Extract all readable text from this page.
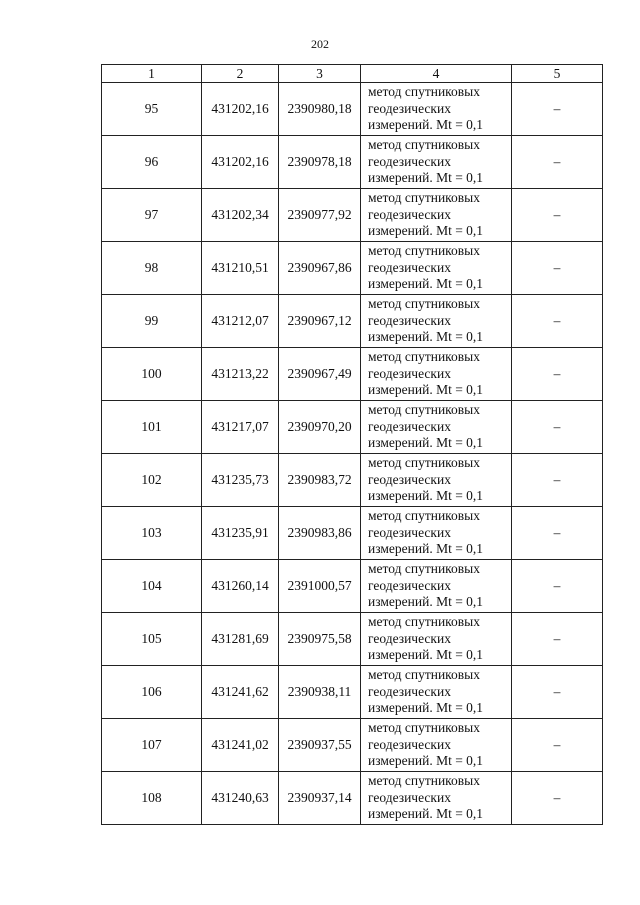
202
1	2	3	4	5
95	431202,16	2390980,18	метод спутниковых
геодезических
измерений. Mt = 0,1	–
96	431202,16	2390978,18	метод спутниковых
геодезических
измерений. Mt = 0,1	–
97	431202,34	2390977,92	метод спутниковых
геодезических
измерений. Mt = 0,1	–
98	431210,51	2390967,86	метод спутниковых
геодезических
измерений. Mt = 0,1	–
99	431212,07	2390967,12	метод спутниковых
геодезических
измерений. Mt = 0,1	–
100	431213,22	2390967,49	метод спутниковых
геодезических
измерений. Mt = 0,1	–
101	431217,07	2390970,20	метод спутниковых
геодезических
измерений. Mt = 0,1	–
102	431235,73	2390983,72	метод спутниковых
геодезических
измерений. Mt = 0,1	–
103	431235,91	2390983,86	метод спутниковых
геодезических
измерений. Mt = 0,1	–
104	431260,14	2391000,57	метод спутниковых
геодезических
измерений. Mt = 0,1	–
105	431281,69	2390975,58	метод спутниковых
геодезических
измерений. Mt = 0,1	–
106	431241,62	2390938,11	метод спутниковых
геодезических
измерений. Mt = 0,1	–
107	431241,02	2390937,55	метод спутниковых
геодезических
измерений. Mt = 0,1	–
108	431240,63	2390937,14	метод спутниковых
геодезических
измерений. Mt = 0,1	–
